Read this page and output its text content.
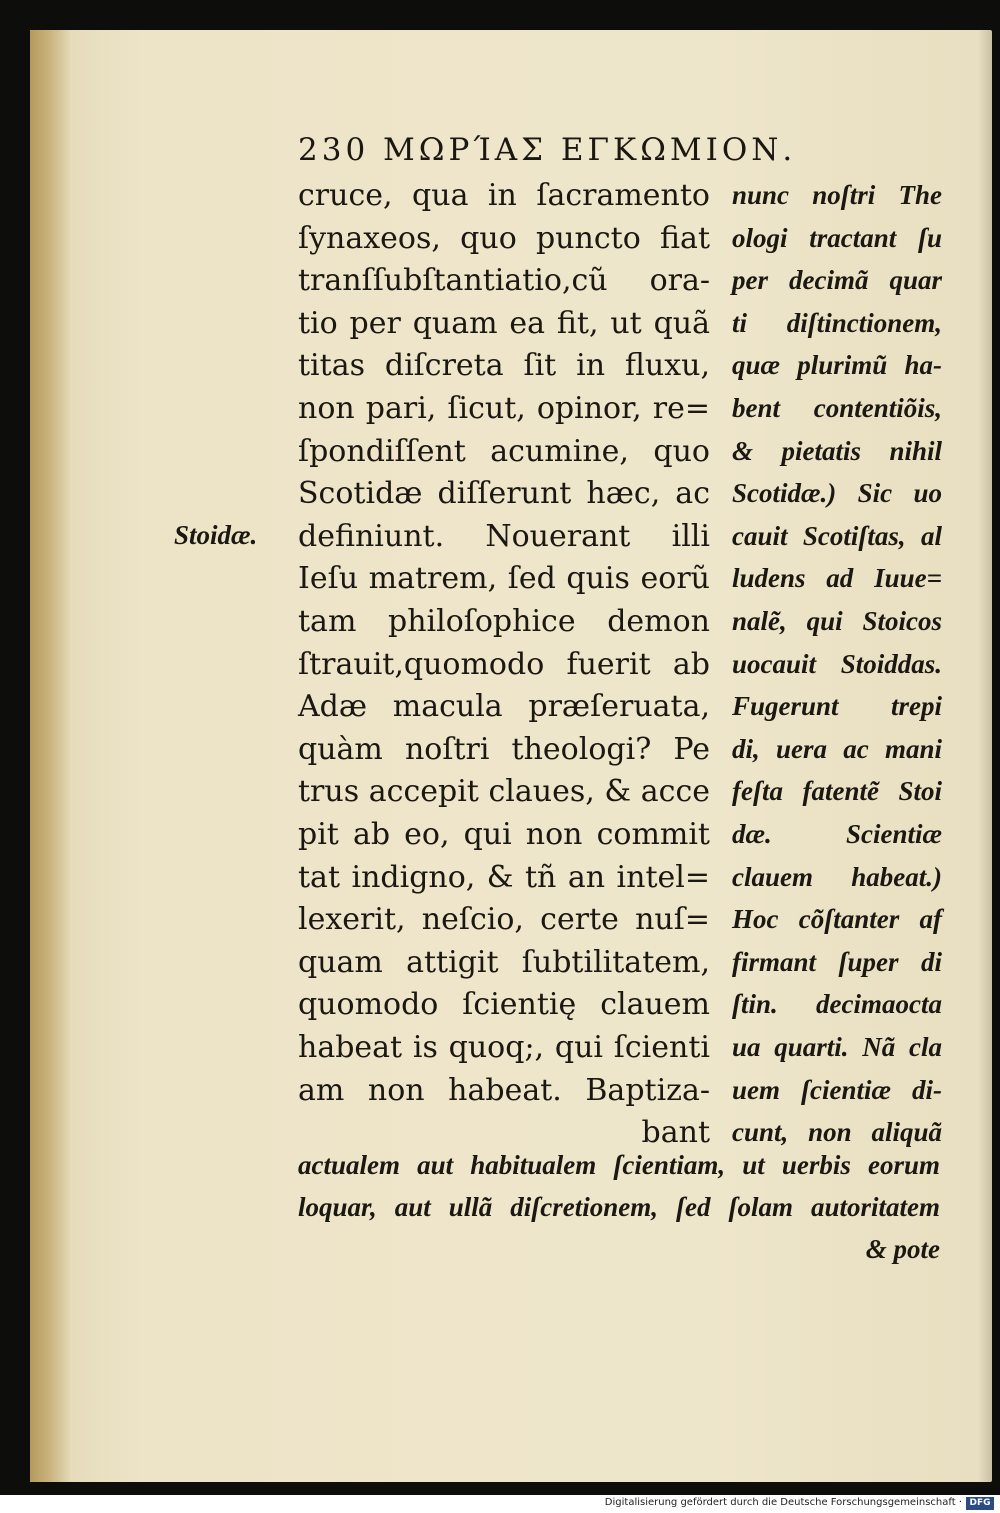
230 ΜΩΡΊΑΣ ΕΓΚΩΜΙΟΝ.
Stoidæ.
cruce, qua in ſacramento
ſynaxeos, quo puncto fiat
tranſſubſtantiatio,cũ ora-
tio per quam ea fit, ut quã
titas diſcreta ſit in fluxu,
non pari, ſicut, opinor, re=
ſpondiſſent acumine, quo
Scotidæ diſſerunt hæc, ac
definiunt. Nouerant illi
Ieſu matrem, ſed quis eorũ
tam philoſophice demon
ſtrauit,quomodo fuerit ab
Adæ macula præſeruata,
quàm noſtri theologi? Pe
trus accepit claues, & acce
pit ab eo, qui non commit
tat indigno, & tñ an intel=
lexerit, neſcio, certe nuſ=
quam attigit ſubtilitatem,
quomodo ſcientię clauem
habeat is quoq;, qui ſcienti
am non habeat. Baptiza-
bant
nunc noſtri The
ologi tractant ſu
per decimã quar
ti diſtinctionem,
quæ plurimũ ha-
bent contentiõis,
& pietatis nihil
Scotidæ.) Sic uo
cauit Scotiſtas, al
ludens ad Iuue=
nalẽ, qui Stoicos
uocauit Stoiddas.
Fugerunt trepi
di, uera ac mani
feſta fatentẽ Stoi
dæ. Scientiæ
clauem habeat.)
Hoc cõſtanter af
firmant ſuper di
ſtin. decimaocta
ua quarti. Nã cla
uem ſcientiæ di-
cunt, non aliquã
actualem aut habitualem ſcientiam, ut uerbis eorum
loquar, aut ullã diſcretionem, ſed ſolam autoritatem
& pote
Digitalisierung gefördert durch die Deutsche Forschungsgemeinschaft · DFG
